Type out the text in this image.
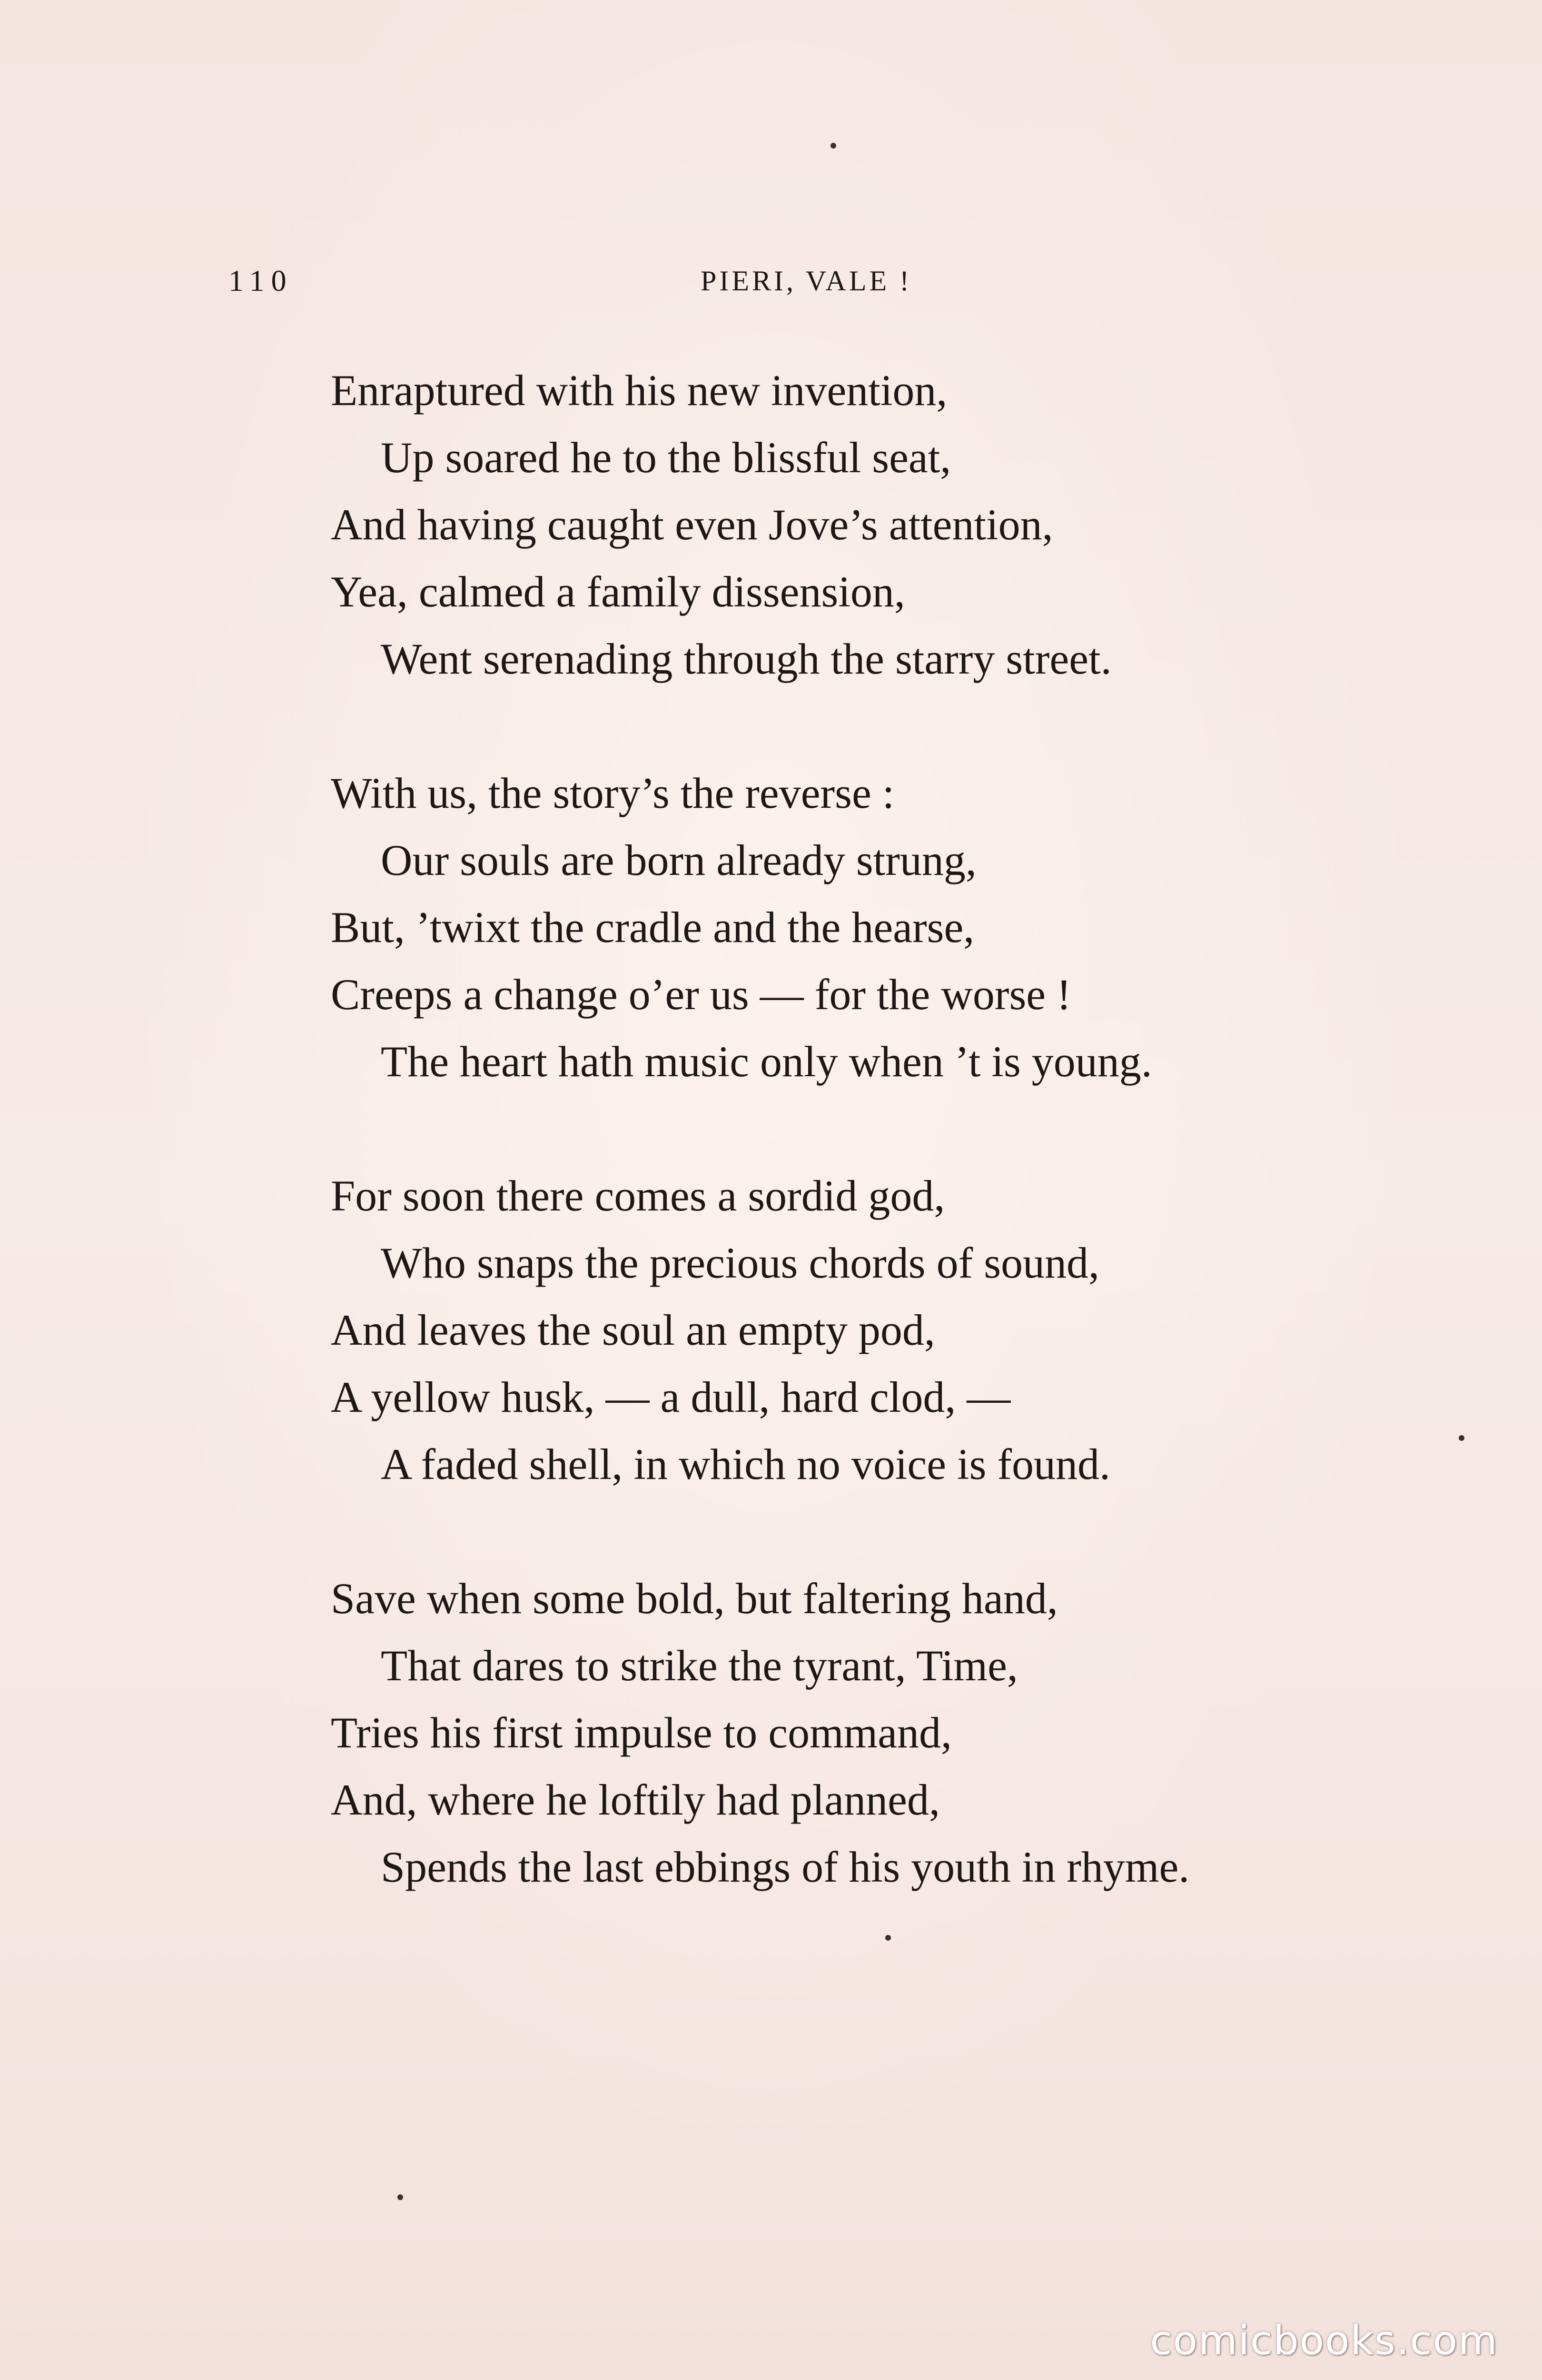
110	PIERI, VALE !
Enraptured with his new invention,
Up soared he to the blissful seat,
And having caught even Jove’s attention,
Yea, calmed a family dissension,
Went serenading through the starry street.
With us, the story’s the reverse :
Our souls are born already strung,
But, ’twixt the cradle and the hearse,
Creeps a change o’er us — for the worse !
The heart hath music only when ’t is young.
For soon there comes a sordid god,
Who snaps the precious chords of sound,
And leaves the soul an empty pod,
A yellow husk, — a dull, hard clod, —
A faded shell, in which no voice is found.
Save when some bold, but faltering hand,
That dares to strike the tyrant, Time,
Tries his first impulse to command,
And, where he loftily had planned,
Spends the last ebbings of his youth in rhyme.
comicbooks.com
